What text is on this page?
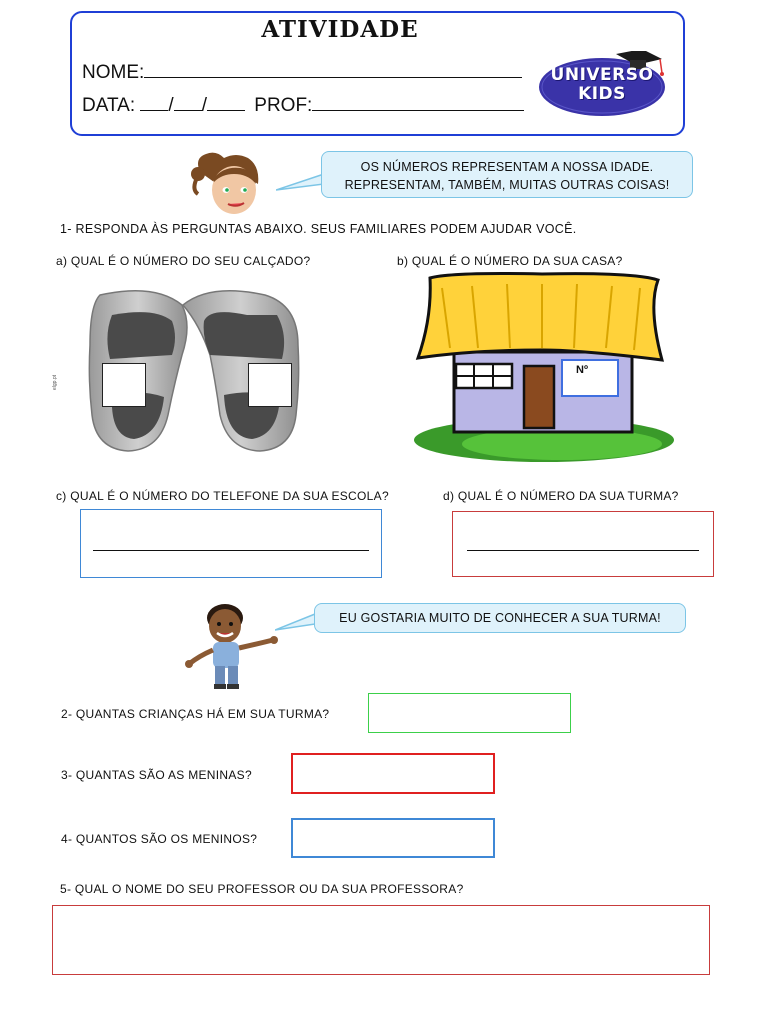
ATIVIDADE
NOME:
DATA: / / PROF:
UNIVERSO
KIDS
OS NÚMEROS REPRESENTAM A NOSSA IDADE.
REPRESENTAM, TAMBÉM, MUITAS OUTRAS COISAS!
1- RESPONDA ÀS PERGUNTAS ABAIXO. SEUS FAMILIARES PODEM AJUDAR VOCÊ.
a) QUAL É O NÚMERO DO SEU CALÇADO?	b) QUAL É O NÚMERO DA SUA CASA?
elgp.pt
Nº
c) QUAL É O NÚMERO DO TELEFONE DA SUA ESCOLA?	d) QUAL É O NÚMERO DA SUA TURMA?
EU GOSTARIA MUITO DE CONHECER A SUA TURMA!
2- QUANTAS CRIANÇAS HÁ EM SUA TURMA?
3- QUANTAS SÃO AS MENINAS?
4- QUANTOS SÃO OS MENINOS?
5- QUAL O NOME DO SEU PROFESSOR OU DA SUA PROFESSORA?
